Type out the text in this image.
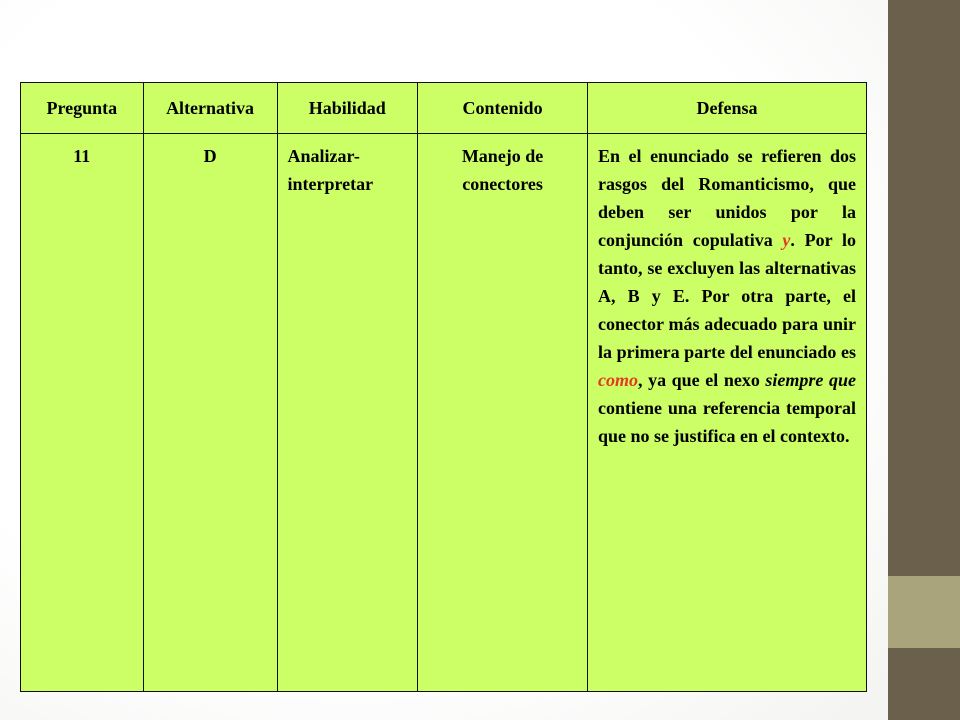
Pregunta	Alternativa	Habilidad	Contenido	Defensa
11	D	Analizar-interpretar	Manejo de conectores	En el enunciado se refieren dos rasgos del Romanticismo, que deben ser unidos por la conjunción copulativa y. Por lo tanto, se excluyen las alternativas A, B y E. Por otra parte, el conector más adecuado para unir la primera parte del enunciado es como, ya que el nexo siempre que contiene una referencia temporal que no se justifica en el contexto.
